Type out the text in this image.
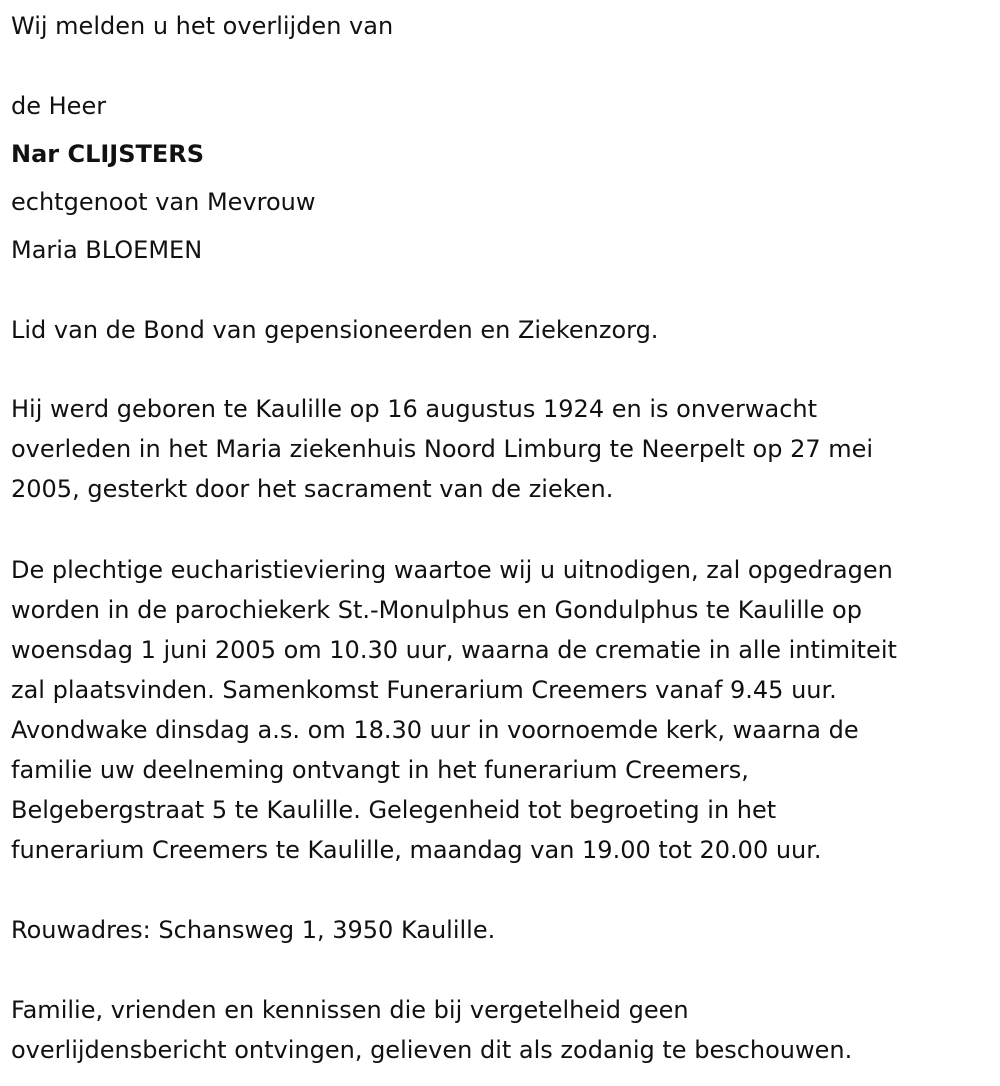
Wij melden u het overlijden van
de Heer
Nar CLIJSTERS
echtgenoot van Mevrouw
Maria BLOEMEN
Lid van de Bond van gepensioneerden en Ziekenzorg.
Hij werd geboren te Kaulille op 16 augustus 1924 en is onverwacht
overleden in het Maria ziekenhuis Noord Limburg te Neerpelt op 27 mei
2005, gesterkt door het sacrament van de zieken.
De plechtige eucharistieviering waartoe wij u uitnodigen, zal opgedragen
worden in de parochiekerk St.-Monulphus en Gondulphus te Kaulille op
woensdag 1 juni 2005 om 10.30 uur, waarna de crematie in alle intimiteit
zal plaatsvinden. Samenkomst Funerarium Creemers vanaf 9.45 uur.
Avondwake dinsdag a.s. om 18.30 uur in voornoemde kerk, waarna de
familie uw deelneming ontvangt in het funerarium Creemers,
Belgebergstraat 5 te Kaulille. Gelegenheid tot begroeting in het
funerarium Creemers te Kaulille, maandag van 19.00 tot 20.00 uur.
Rouwadres: Schansweg 1, 3950 Kaulille.
Familie, vrienden en kennissen die bij vergetelheid geen
overlijdensbericht ontvingen, gelieven dit als zodanig te beschouwen.
